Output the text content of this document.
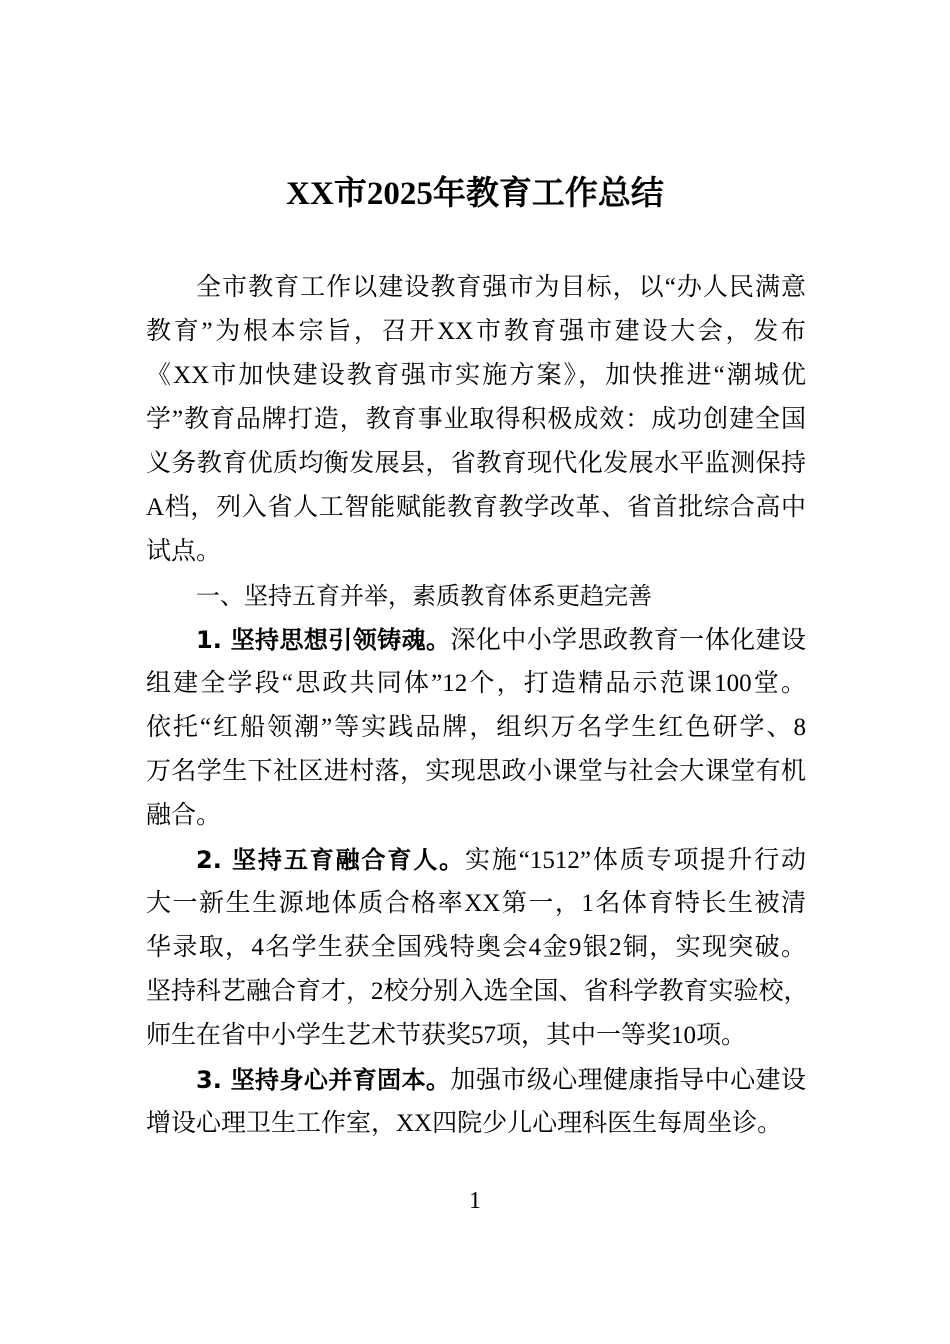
XX市2025年教育工作总结
全市教育工作以建设教育强市为目标，以“办人民满意
教育”为根本宗旨，召开XX市教育强市建设大会，发布
《XX市加快建设教育强市实施方案》，加快推进“潮城优
学”教育品牌打造，教育事业取得积极成效：成功创建全国
义务教育优质均衡发展县，省教育现代化发展水平监测保持
A档，列入省人工智能赋能教育教学改革、省首批综合高中
试点。
一、坚持五育并举，素质教育体系更趋完善
1. 坚持思想引领铸魂。深化中小学思政教育一体化建设
组建全学段“思政共同体”12个，打造精品示范课100堂。
依托“红船领潮”等实践品牌，组织万名学生红色研学、8
万名学生下社区进村落，实现思政小课堂与社会大课堂有机
融合。
2. 坚持五育融合育人。实施“1512”体质专项提升行动
大一新生生源地体质合格率XX第一，1名体育特长生被清
华录取，4名学生获全国残特奥会4金9银2铜，实现突破。
坚持科艺融合育才，2校分别入选全国、省科学教育实验校，
师生在省中小学生艺术节获奖57项，其中一等奖10项。
3. 坚持身心并育固本。加强市级心理健康指导中心建设
增设心理卫生工作室，XX四院少儿心理科医生每周坐诊。
1
